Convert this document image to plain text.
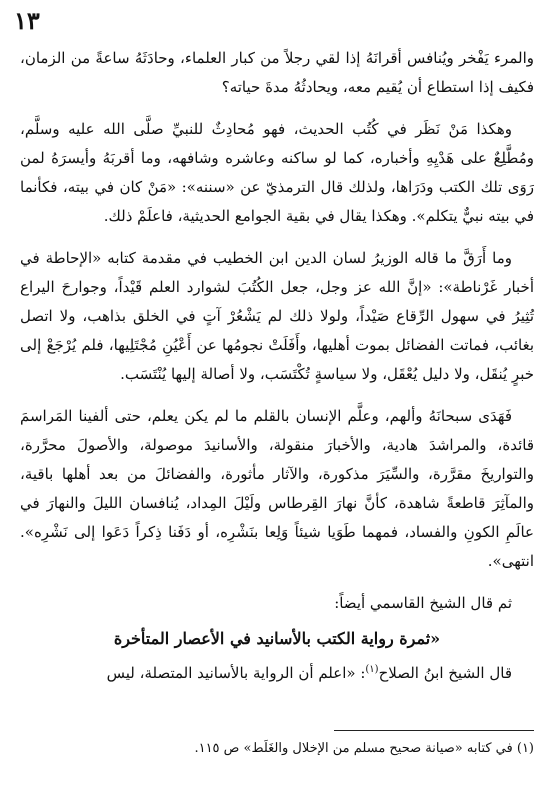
١٣

والمرء يَفْخر ويُنافس أقرانَهُ إذا لقي رجلاً من كبار العلماء، وحادَثَهُ ساعةً من الزمان، فكيف إذا استطاع أن يُقيم معه، ويحادثُهُ مدةَ حياته؟

وهكذا مَنْ نَظَر في كُتُب الحديث، فهو مُحادِثٌ للنبيِّ صلَّى الله عليه وسلَّم، ومُطَّلِعٌ على هَدْيِهِ وأخباره، كما لو ساكنه وعاشره وشافهه، وما أقربَهُ وأيسرَهُ لمن رَوَى تلك الكتب ودَرَاها، ولذلك قال الترمذيّ عن «سننه»: «مَنْ كان في بيته، فكأنما في بيته نبيٌّ يتكلم». وهكذا يقال في بقية الجوامع الحديثية، فاعلَمْ ذلك.

وما أَرَقَّ ما قاله الوزيرُ لسان الدين ابن الخطيب في مقدمة كتابه «الإحاطة في أخبار غَرْناطة»: «إنَّ الله عز وجل، جعل الكُتُبَ لشوارد العلم قَيْداً، وجوارحَ اليراع تُثِيرُ في سهول الرِّقاع صَيْداً، ولولا ذلك لم يَشْعُرْ آتٍ في الخلق بذاهب، ولا اتصل بغائب، فماتت الفضائل بموت أهليها، وأَفَلَتْ نجومُها عن أَعْيُنِ مُجْتَلِيها، فلم يُرْجَعْ إلى خبرٍ يُنقَل، ولا دليل يُعْقَل، ولا سياسةٍ تُكْتَسَب، ولا أصالة إليها يُنْتَسَب.

فَهَدَى سبحانَهُ وألهم، وعلَّم الإنسان بالقلم ما لم يكن يعلم، حتى ألفينا المَراسمَ قائدة، والمراشدَ هادية، والأخبارَ منقولة، والأسانيدَ موصولة، والأصولَ محرَّرة، والتواريخَ مقرَّرة، والسِّيَرَ مذكورة، والآثار مأثورة، والفضائلَ من بعد أهلها باقية، والمآثِرَ قاطعةً شاهدة، كأنَّ نهارَ القِرطاس ولَيْلَ المِداد، يُنافسان الليلَ والنهارَ في عالَمِ الكونِ والفساد، فمهما طَوَيا شيئاً وَلِعا بنَشْرِه، أو دَفَنا ذِكراً دَعَوا إلى نَشْرِه». انتهى».

ثم قال الشيخ القاسمي أيضاً:

«ثمرة رواية الكتب بالأسانيد في الأعصار المتأخرة

قال الشيخ ابنُ الصلاح$^{(١)}$: «اعلم أن الرواية بالأسانيد المتصلة، ليس

(١) في كتابه «صيانة صحيح مسلم من الإخلال والغَلَط» ص ١١٥.
